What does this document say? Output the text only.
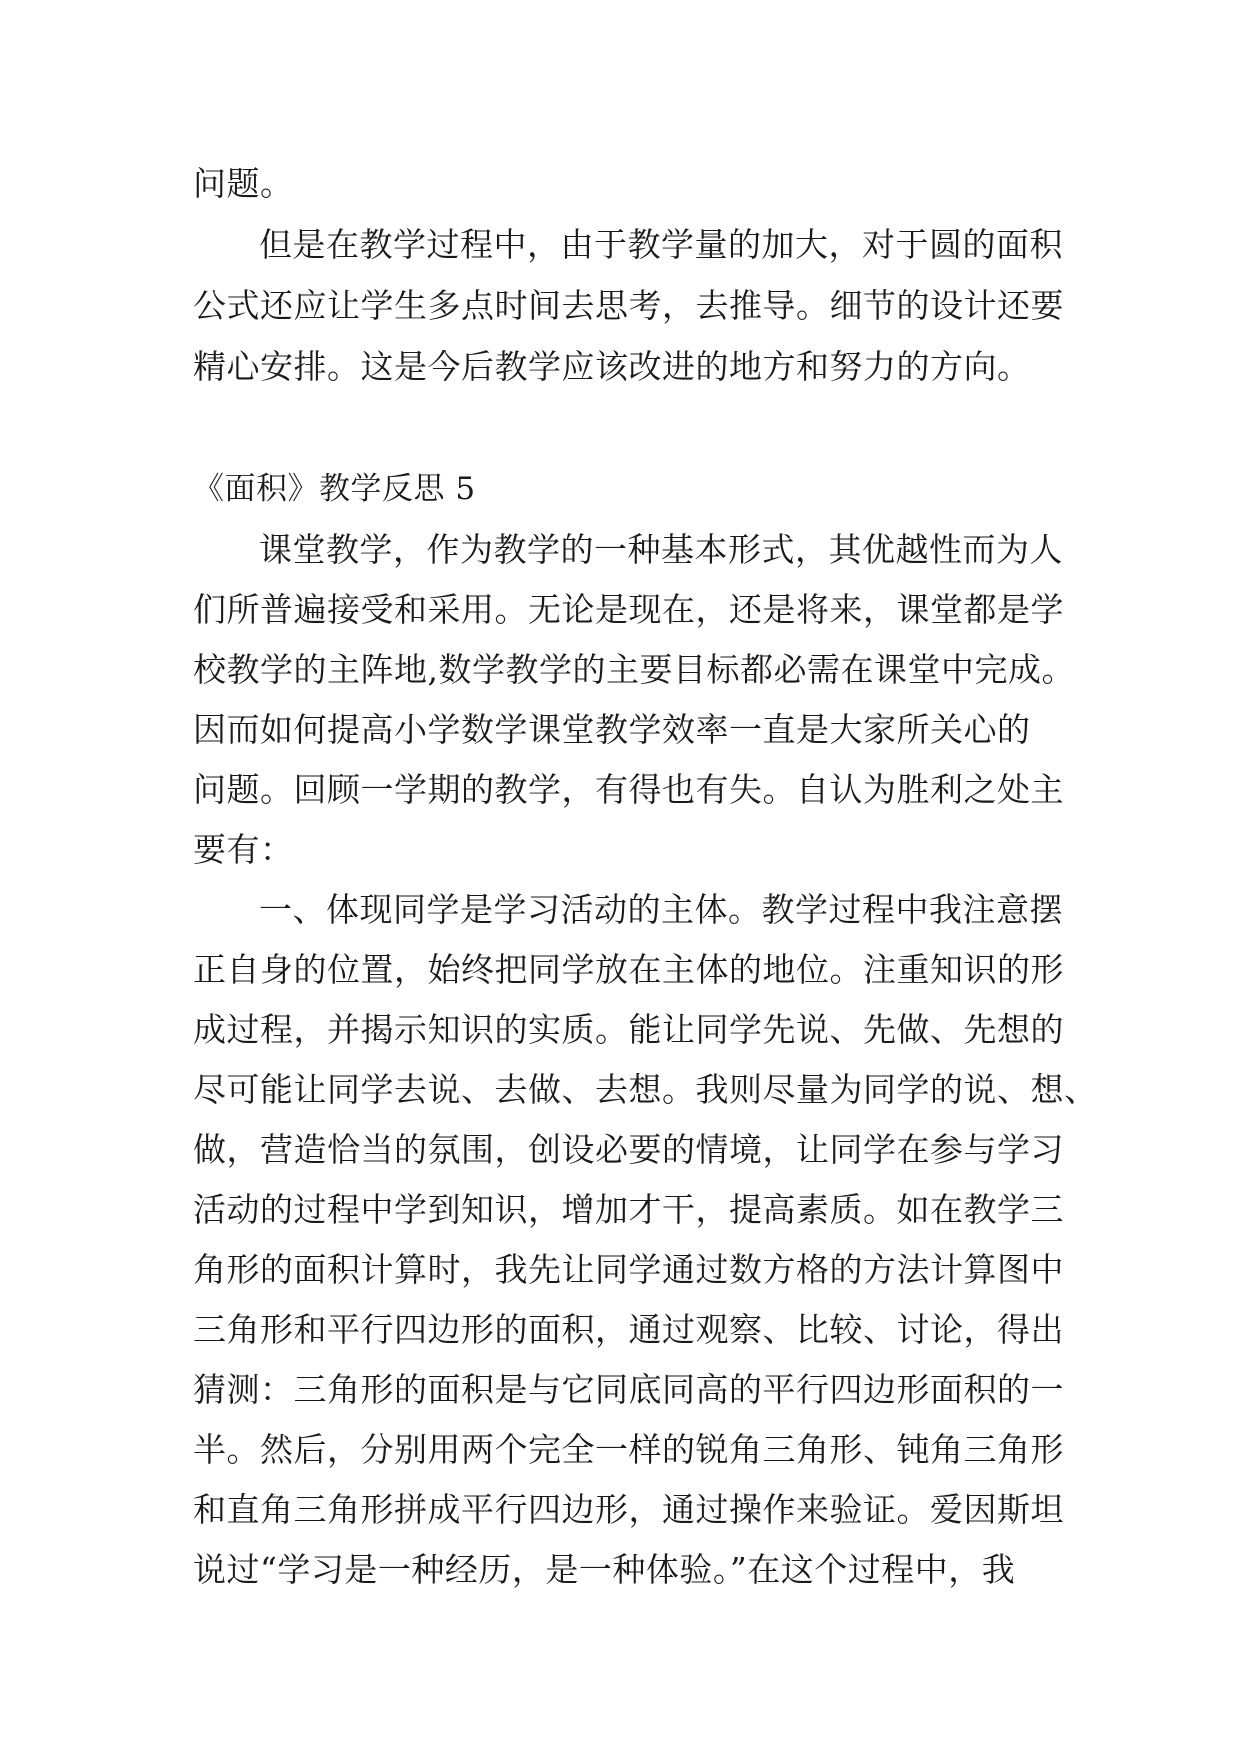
问题。
但是在教学过程中，由于教学量的加大，对于圆的面积
公式还应让学生多点时间去思考，去推导。细节的设计还要
精心安排。这是今后教学应该改进的地方和努力的方向。
《面积》教学反思 5
课堂教学，作为教学的一种基本形式，其优越性而为人
们所普遍接受和采用。无论是现在，还是将来，课堂都是学
校教学的主阵地,数学教学的主要目标都必需在课堂中完成。
因而如何提高小学数学课堂教学效率一直是大家所关心的
问题。回顾一学期的教学，有得也有失。自认为胜利之处主
要有：
一、体现同学是学习活动的主体。教学过程中我注意摆
正自身的位置，始终把同学放在主体的地位。注重知识的形
成过程，并揭示知识的实质。能让同学先说、先做、先想的
尽可能让同学去说、去做、去想。我则尽量为同学的说、想、
做，营造恰当的氛围，创设必要的情境，让同学在参与学习
活动的过程中学到知识，增加才干，提高素质。如在教学三
角形的面积计算时，我先让同学通过数方格的方法计算图中
三角形和平行四边形的面积，通过观察、比较、讨论，得出
猜测：三角形的面积是与它同底同高的平行四边形面积的一
半。然后，分别用两个完全一样的锐角三角形、钝角三角形
和直角三角形拼成平行四边形，通过操作来验证。爱因斯坦
说过“学习是一种经历，是一种体验。”在这个过程中，我
